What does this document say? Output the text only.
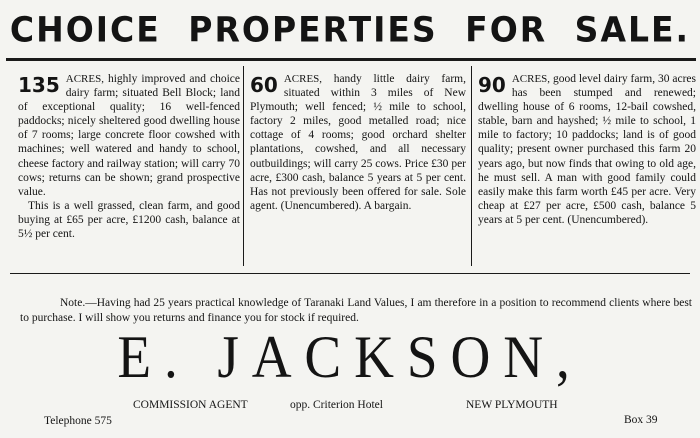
CHOICE PROPERTIES FOR SALE.
135 ACRES, highly improved and choice dairy farm; situated Bell Block; land of exceptional quality; 16 well-fenced paddocks; nicely sheltered good dwelling house of 7 rooms; large concrete floor cowshed with machines; well watered and handy to school, cheese factory and railway station; will carry 70 cows; returns can be shown; grand prospective value.

This is a well grassed, clean farm, and good buying at £65 per acre, £1200 cash, balance at 5½ per cent.

60 ACRES, handy little dairy farm, situated within 3 miles of New Plymouth; well fenced; ½ mile to school, factory 2 miles, good metalled road; nice cottage of 4 rooms; good orchard shelter plantations, cowshed, and all necessary outbuildings; will carry 25 cows. Price £30 per acre, £300 cash, balance 5 years at 5 per cent. Has not previously been offered for sale. Sole agent. (Unencumbered). A bargain.

90 ACRES, good level dairy farm, 30 acres has been stumped and renewed; dwelling house of 6 rooms, 12-bail cowshed, stable, barn and hayshed; ½ mile to school, 1 mile to factory; 10 paddocks; land is of good quality; present owner purchased this farm 20 years ago, but now finds that owing to old age, he must sell. A man with good family could easily make this farm worth £45 per acre. Very cheap at £27 per acre, £500 cash, balance 5 years at 5 per cent. (Unencumbered).

Note.—Having had 25 years practical knowledge of Taranaki Land Values, I am therefore in a position to recommend clients where best to purchase. I will show you returns and finance you for stock if required.

E. JACKSON,
COMMISSION AGENT	opp. Criterion Hotel	NEW PLYMOUTH
Telephone 575	Box 39
